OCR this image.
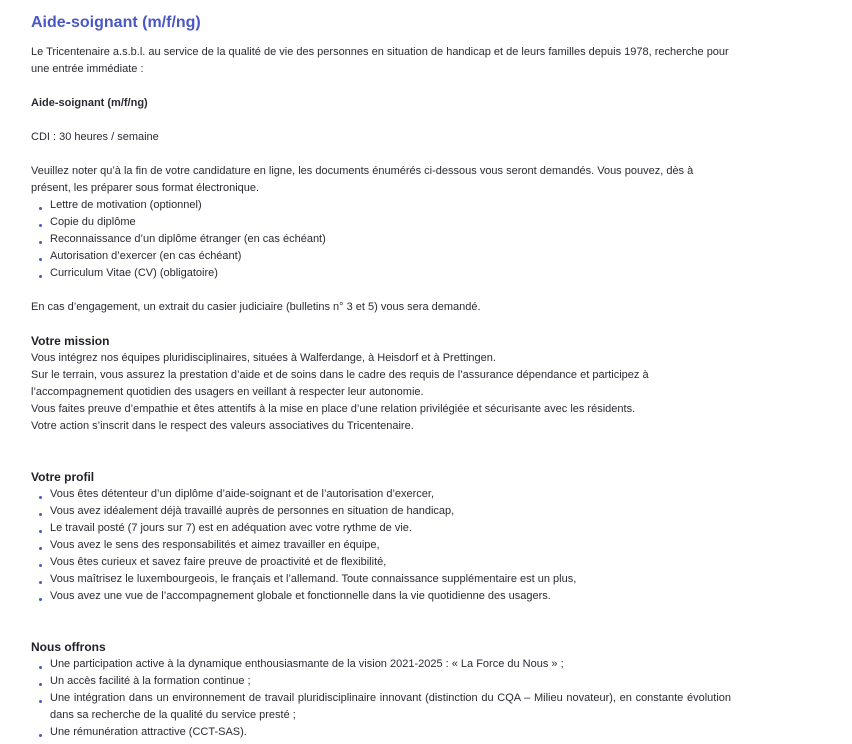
Aide-soignant (m/f/ng)

Le Tricentenaire a.s.b.l. au service de la qualité de vie des personnes en situation de handicap et de leurs familles depuis 1978, recherche pour une entrée immédiate :

Aide-soignant (m/f/ng)

CDI : 30 heures / semaine

Veuillez noter qu’à la fin de votre candidature en ligne, les documents énumérés ci-dessous vous seront demandés. Vous pouvez, dès à présent, les préparer sous format électronique.

Lettre de motivation (optionnel)
Copie du diplôme
Reconnaissance d’un diplôme étranger (en cas échéant)
Autorisation d’exercer (en cas échéant)
Curriculum Vitae (CV) (obligatoire)

En cas d’engagement, un extrait du casier judiciaire (bulletins n° 3 et 5) vous sera demandé.

Votre mission

Vous intégrez nos équipes pluridisciplinaires, situées à Walferdange, à Heisdorf et à Prettingen.

Sur le terrain, vous assurez la prestation d’aide et de soins dans le cadre des requis de l’assurance dépendance et participez à l’accompagnement quotidien des usagers en veillant à respecter leur autonomie.

Vous faites preuve d’empathie et êtes attentifs à la mise en place d’une relation privilégiée et sécurisante avec les résidents.

Votre action s’inscrit dans le respect des valeurs associatives du Tricentenaire.

Votre profil
Vous êtes détenteur d’un diplôme d’aide-soignant et de l’autorisation d’exercer,
Vous avez idéalement déjà travaillé auprès de personnes en situation de handicap,
Le travail posté (7 jours sur 7) est en adéquation avec votre rythme de vie.
Vous avez le sens des responsabilités et aimez travailler en équipe,
Vous êtes curieux et savez faire preuve de proactivité et de flexibilité,
Vous maîtrisez le luxembourgeois, le français et l’allemand. Toute connaissance supplémentaire est un plus,
Vous avez une vue de l’accompagnement globale et fonctionnelle dans la vie quotidienne des usagers.
Nous offrons
Une participation active à la dynamique enthousiasmante de la vision 2021-2025 : « La Force du Nous » ;
Un accès facilité à la formation continue ;
Une intégration dans un environnement de travail pluridisciplinaire innovant (distinction du CQA – Milieu novateur), en constante évolution dans sa recherche de la qualité du service presté ;
Une rémunération attractive (CCT-SAS).
